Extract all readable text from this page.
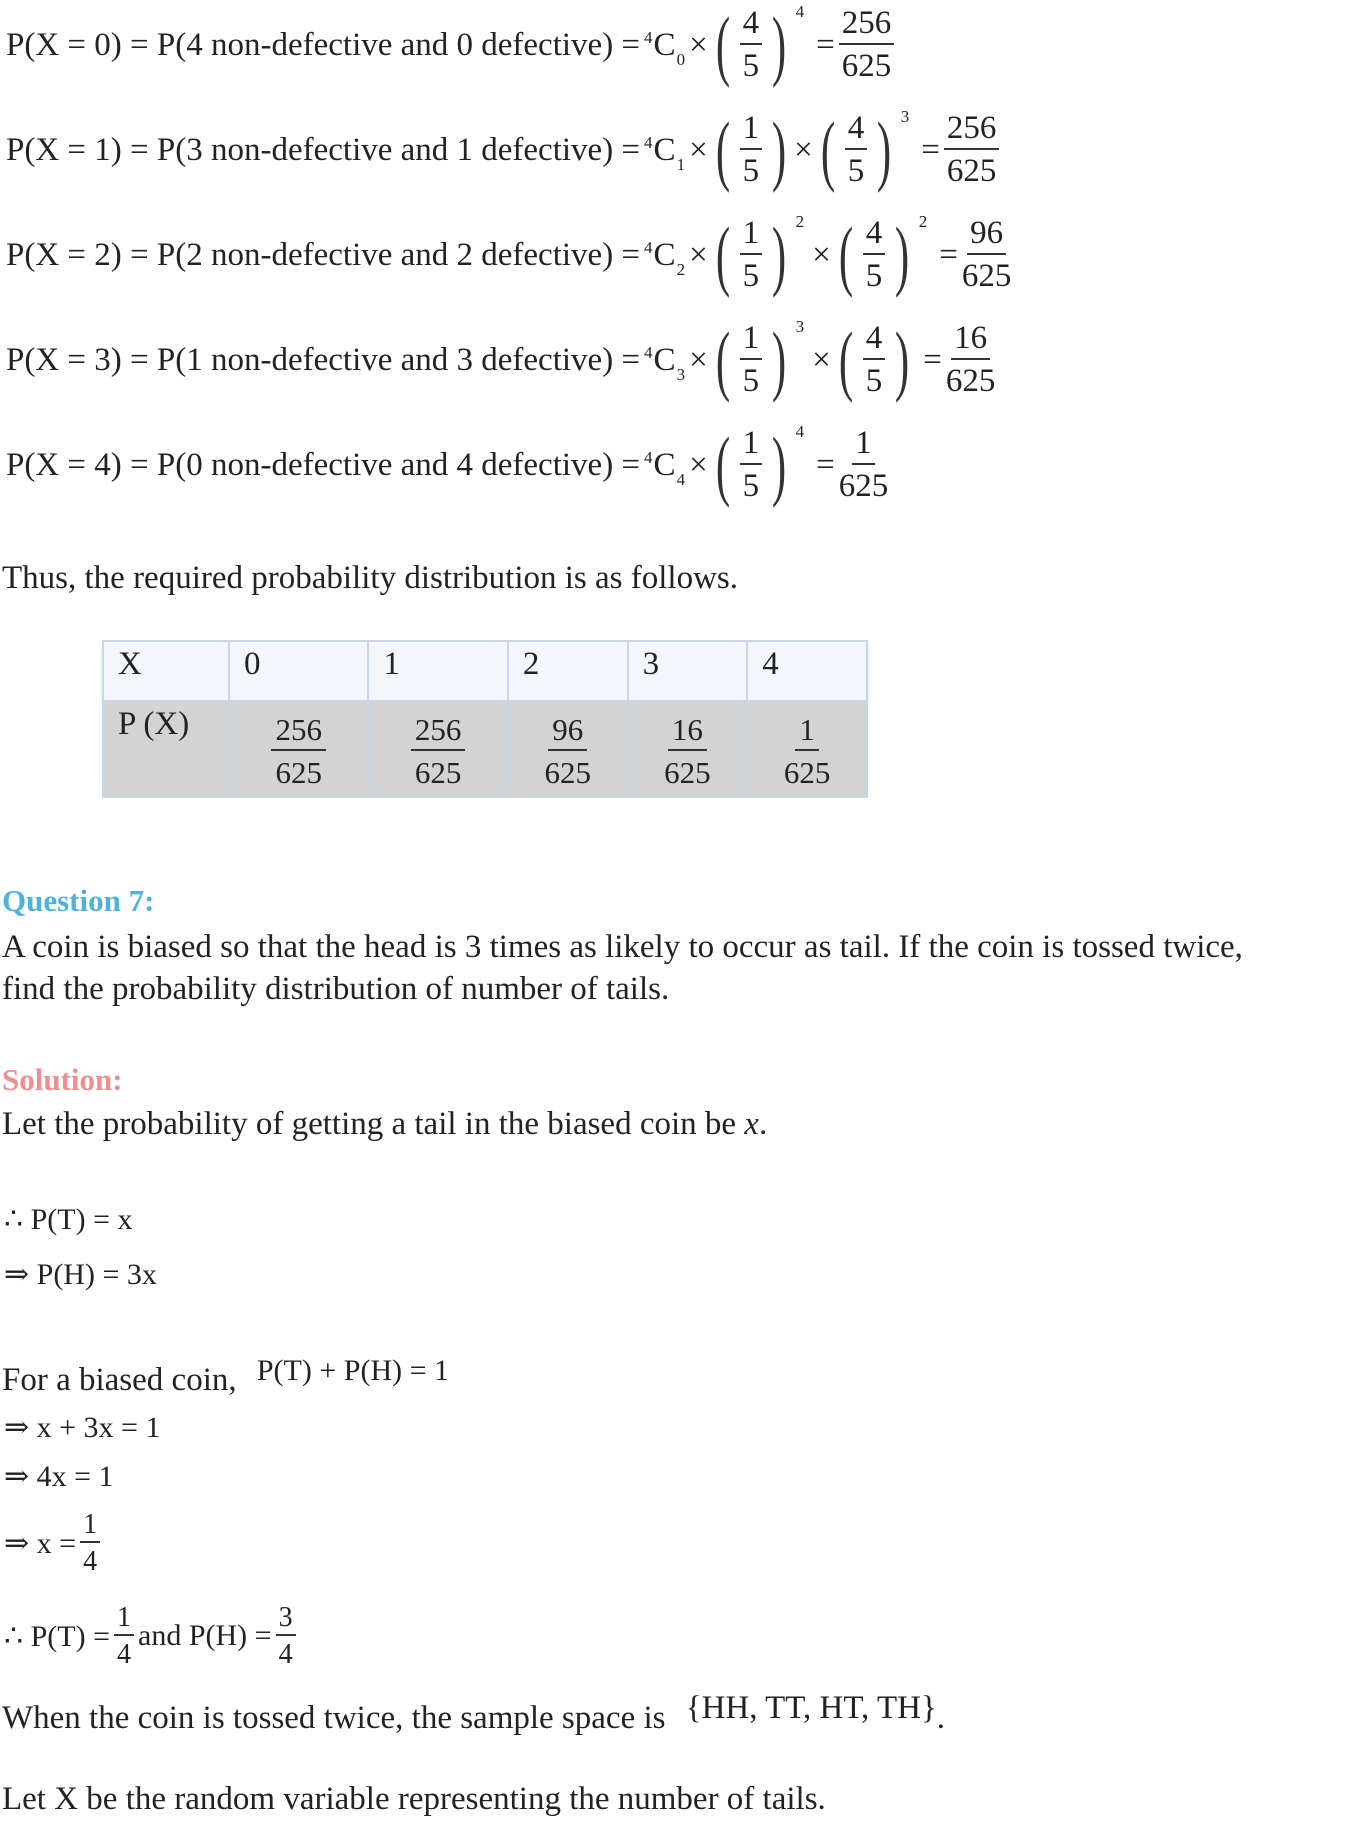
P(X = 0) = P(4 non-defective and 0 defective) = 4 C 0 × ( $\frac{4}{5}$ ) 4
= $\frac{256}{625}$
P(X = 1) = P(3 non-defective and 1 defective) = 4 C 1 × ( $\frac{1}{5}$ ) × ( $\frac{4}{5}$ ) 3
= $\frac{256}{625}$
P(X = 2) = P(2 non-defective and 2 defective) = 4 C 2 × ( $\frac{1}{5}$ ) 2
× ( $\frac{4}{5}$ ) 2
= $\frac{96}{625}$
P(X = 3) = P(1 non-defective and 3 defective) = 4 C 3 × ( $\frac{1}{5}$ ) 3
× ( $\frac{4}{5}$ ) = $\frac{16}{625}$
P(X = 4) = P(0 non-defective and 4 defective) = 4 C 4 × ( $\frac{1}{5}$ ) 4
= $\frac{1}{625}$
Thus, the required probability distribution is as follows.
X	0	1	2	3	4
P (X)	$\frac{256}{625}$	$\frac{256}{625}$	$\frac{96}{625}$	$\frac{16}{625}$	$\frac{1}{625}$
Question 7:
A coin is biased so that the head is 3 times as likely to occur as tail. If the coin is tossed twice,
find the probability distribution of number of tails.
Solution:
Let the probability of getting a tail in the biased coin be x.
∴ P(T) = x
⇒ P(H) = 3x
For a biased coin, P(T) + P(H) = 1
⇒ x + 3x = 1
⇒ 4x = 1
⇒ $x = \frac{1}{4}$
∴ $P(T) = \frac{1}{4}$ and $P(H) = \frac{3}{4}$
When the coin is tossed twice, the sample space is {HH, TT, HT, TH}.
Let X be the random variable representing the number of tails.
